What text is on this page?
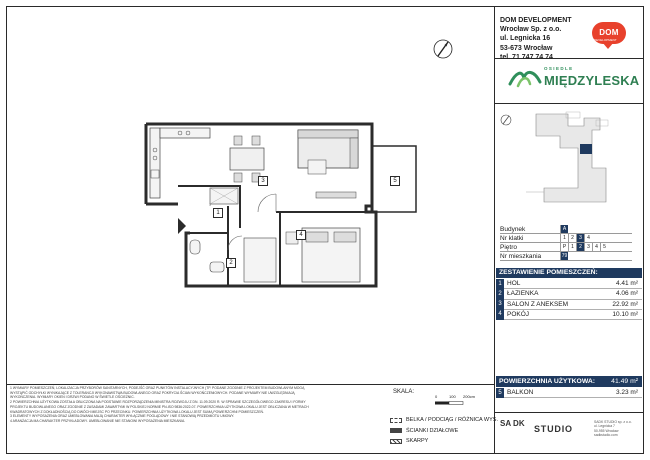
3
1
2
4
5
DOM DEVELOPMENT
Wrocław Sp. z o.o.
ul. Legnicka 16
53-673 Wrocław
tel. 71 747 74 74
DOM
DEVELOPMENT
OSIEDLE
MIĘDZYLESKA
Budynek	A
Nr klatki	1	2	3	4
Piętro	P 1	2	3	4	5
Nr mieszkania	79
ZESTAWIENIE POMIESZCZEŃ:
1 HOL	4.41 m²
2 ŁAZIENKA	4.06 m²
3 SALON Z ANEKSEM	22.92 m²
4 POKÓJ	10.10 m²
POWIERZCHNIA UŻYTKOWA:	41.49 m²
5 BALKON	3.23 m²
1 WYMIARY POMIESZCZEŃ, LOKALIZACJA PRZYBORÓW SANITARNYCH, PODEJŚĆ ORAZ PUNKTÓW INSTALACYJNYCH (TP. PODANE ZGODNIE Z PROJEKTEM BUDOWLANYM MOGĄ
WYSTĄPIĆ ODCHYŁKI WYNIKAJĄCE Z TOLERANCJI WYKONAWSTWA BUDOWLANEGO ORAZ POKRYCIA ŚCIAN WYKOŃCZENIOWYCH. PODANE WYMIARY NIE UWZGLĘDNIAJĄ
WYKOŃCZENIA. WYMIARY OKIEN I DRZWI PODANO W ŚWIETLE OŚCIEŻNIC.
2 POWIERZCHNIA UŻYTKOWA ZOSTAŁA OBLICZONA NA PODSTAWIE ROZPORZĄDZENIA MINISTRA ROZWOJU Z DN. 11.09.2020 R. W SPRAWIE SZCZEGÓŁOWEGO ZAKRESU I FORMY
PROJEKTU BUDOWLANEGO ORAZ ZGODNIE Z ZASADAMI ZAWARTYMI W POLSKIEJ NORMIE PN-ISO 9836:2022-07. POWIERZCHNIA UŻYTKOWA LOKALU JEST OBLICZANA W METRACH
KWADRATOWYCH Z DOKŁADNOŚCIĄ DO DWÓCH MIEJSC PO PRZECINKU. POWIERZCHNIA UŻYTKOWA LOKALU JEST SUMĄ POWIERZCHNI POMIESZCZEŃ.
3 ELEMENTY WYPOSAŻENIA ORAZ UMEBLOWANIA MAJĄ CHARAKTER WYŁĄCZNIE POGLĄDOWY I NIE STANOWIĄ PRZEDMIOTU UMOWY.
4 ARANŻACJA MA CHARAKTER PRZYKŁADOWY. UMEBLOWANIE NIE STANOWI WYPOSAŻENIA MIESZKANIA.
SKALA:
0	100 200cm
BELKA / PODCIĄG / RÓŻNICA WYS.
ŚCIANKI DZIAŁOWE
SKARPY
SA DK
STUDIO
SADK STUDIO sp. z o.o.
ul. Legnicka 7
50-955 Wrocław
sadkstudio.com
